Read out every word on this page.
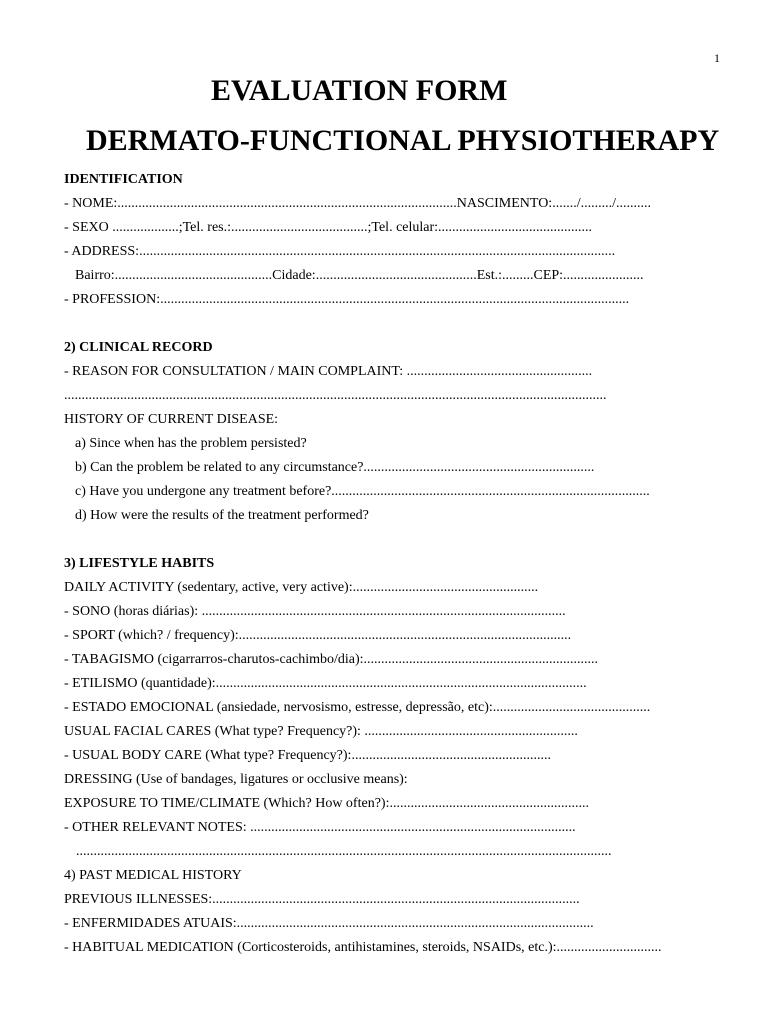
1
EVALUATION FORM
DERMATO-FUNCTIONAL PHYSIOTHERAPY
IDENTIFICATION
- NOME:.................................................................................................NASCIMENTO:......./........./..........
- SEXO ...................;Tel. res.:.......................................;Tel. celular:............................................
- ADDRESS:........................................................................................................................................
Bairro:.............................................Cidade:..............................................Est.:.........CEP:.......................
- PROFESSION:......................................................................................................................................
2) CLINICAL RECORD
- REASON FOR CONSULTATION / MAIN COMPLAINT: .....................................................
...........................................................................................................................................................
HISTORY OF CURRENT DISEASE:
a) Since when has the problem persisted?
b) Can the problem be related to any circumstance?..................................................................
c) Have you undergone any treatment before?...........................................................................................
d) How were the results of the treatment performed?
3) LIFESTYLE HABITS
DAILY ACTIVITY (sedentary, active, very active):.....................................................
- SONO (horas diárias): ........................................................................................................
- SPORT (which? / frequency):...............................................................................................
- TABAGISMO (cigarrarros-charutos-cachimbo/dia):...................................................................
- ETILISMO (quantidade):..........................................................................................................
- ESTADO EMOCIONAL (ansiedade, nervosismo, estresse, depressão, etc):.............................................
USUAL FACIAL CARES (What type? Frequency?): .............................................................
- USUAL BODY CARE (What type? Frequency?):.........................................................
DRESSING (Use of bandages, ligatures or occlusive means):
EXPOSURE TO TIME/CLIMATE (Which? How often?):.........................................................
- OTHER RELEVANT NOTES: .............................................................................................
.........................................................................................................................................................
4) PAST MEDICAL HISTORY
PREVIOUS ILLNESSES:.........................................................................................................
- ENFERMIDADES ATUAIS:......................................................................................................
- HABITUAL MEDICATION (Corticosteroids, antihistamines, steroids, NSAIDs, etc.):..............................
